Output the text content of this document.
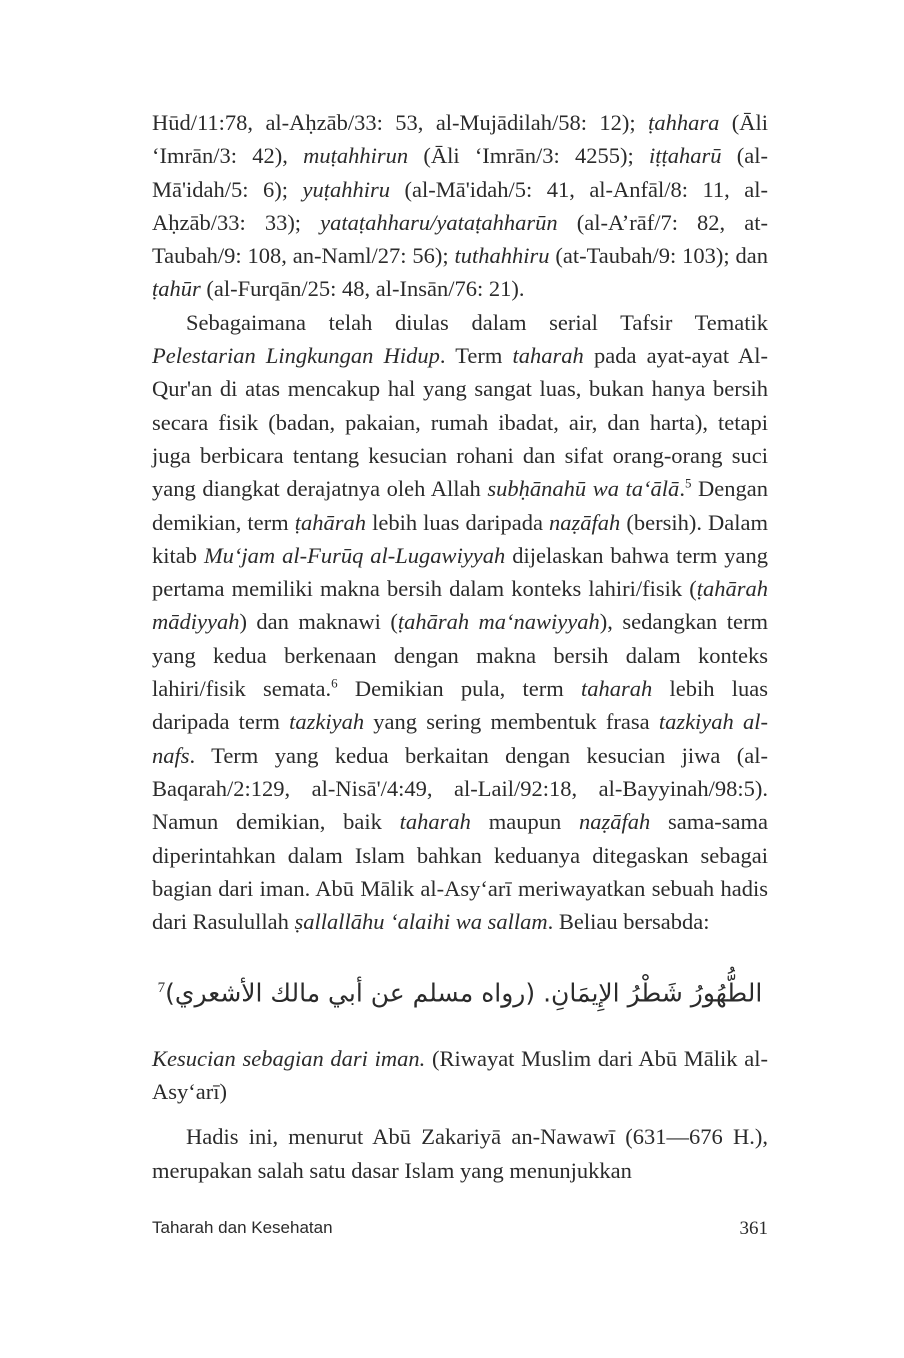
Hūd/11:78, al-Aḥzāb/33: 53, al-Mujādilah/58: 12); ṭahhara (Āli ‘Imrān/3: 42), muṭahhirun (Āli ‘Imrān/3: 4255); iṭṭaharū (al-Mā'idah/5: 6); yuṭahhiru (al-Mā'idah/5: 41, al-Anfāl/8: 11, al-Aḥzāb/33: 33); yataṭahharu/yataṭahharūn (al-A’rāf/7: 82, at-Taubah/9: 108, an-Naml/27: 56); tuthahhiru (at-Taubah/9: 103); dan ṭahūr (al-Furqān/25: 48, al-Insān/76: 21).

Sebagaimana telah diulas dalam serial Tafsir Tematik Pelestarian Lingkungan Hidup. Term taharah pada ayat-ayat Al-Qur'an di atas mencakup hal yang sangat luas, bukan hanya bersih secara fisik (badan, pakaian, rumah ibadat, air, dan harta), tetapi juga berbicara tentang kesucian rohani dan sifat orang-orang suci yang diangkat derajatnya oleh Allah subḥānahū wa ta‘ālā.$^5$ Dengan demikian, term ṭahārah lebih luas daripada naẓāfah (bersih). Dalam kitab Mu‘jam al-Furūq al-Lugawiyyah dijelaskan bahwa term yang pertama memiliki makna bersih dalam konteks lahiri/fisik (ṭahārah mādiyyah) dan maknawi (ṭahārah ma‘nawiyyah), sedangkan term yang kedua berkenaan dengan makna bersih dalam konteks lahiri/fisik semata.$^6$ Demikian pula, term taharah lebih luas daripada term tazkiyah yang sering membentuk frasa tazkiyah al-nafs. Term yang kedua berkaitan dengan kesucian jiwa (al-Baqarah/2:129, al-Nisā'/4:49, al-Lail/92:18, al-Bayyinah/98:5). Namun demikian, baik taharah maupun naẓāfah sama-sama diperintahkan dalam Islam bahkan keduanya ditegaskan sebagai bagian dari iman. Abū Mālik al-Asy‘arī meriwayatkan sebuah hadis dari Rasulullah ṣallallāhu ‘alaihi wa sallam. Beliau bersabda:

الطُّهُورُ شَطْرُ الإِيمَانِ. (رواه مسلم عن أبي مالك الأشعري)$^7$

Kesucian sebagian dari iman. (Riwayat Muslim dari Abū Mālik al-Asy‘arī)

Hadis ini, menurut Abū Zakariyā an-Nawawī (631—676 H.), merupakan salah satu dasar Islam yang menunjukkan

Taharah dan Kesehatan	361
